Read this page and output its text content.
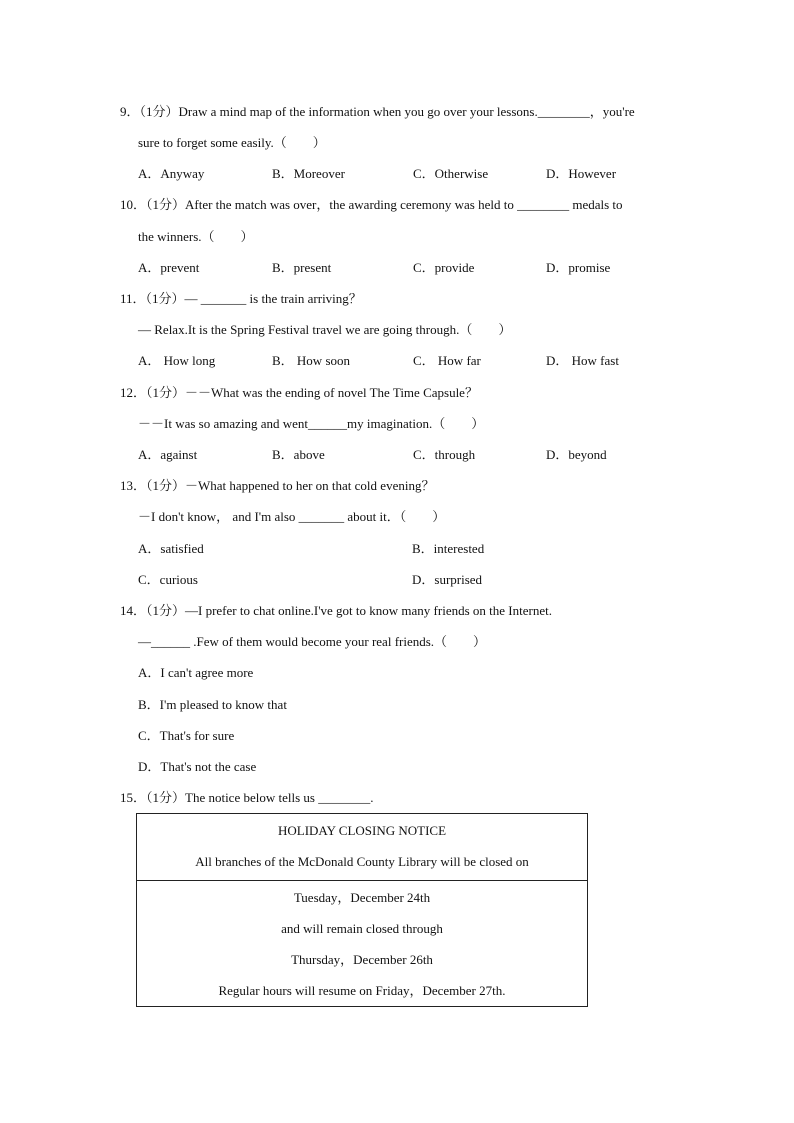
9．（1分）Draw a mind map of the information when you go over your lessons.________，you're
sure to forget some easily.（　　）
A．Anyway	B．Moreover	C．Otherwise	D．However
10．（1分）After the match was over，the awarding ceremony was held to ________ medals to
the winners.（　　）
A．prevent	B．present	C．provide	D．promise
11．（1分）— _______ is the train arriving？
— Relax.It is the Spring Festival travel we are going through.（　　）
A． How long	B． How soon	C． How far	D． How fast
12．（1分）－－What was the ending of novel The Time Capsule？
－－It was so amazing and went______my imagination.（　　）
A．against	B．above	C．through	D．beyond
13．（1分）－What happened to her on that cold evening？
－I don't know， and I'm also _______ about it．（　　）
A．satisfied	B．interested
C．curious	D．surprised
14．（1分）—I prefer to chat online.I've got to know many friends on the Internet.
—______ .Few of them would become your real friends.（　　）
A．I can't agree more
B．I'm pleased to know that
C．That's for sure
D．That's not the case
15．（1分）The notice below tells us ________.
HOLIDAY CLOSING NOTICE
All branches of the McDonald County Library will be closed on
Tuesday，December 24th
and will remain closed through
Thursday，December 26th
Regular hours will resume on Friday，December 27th.
